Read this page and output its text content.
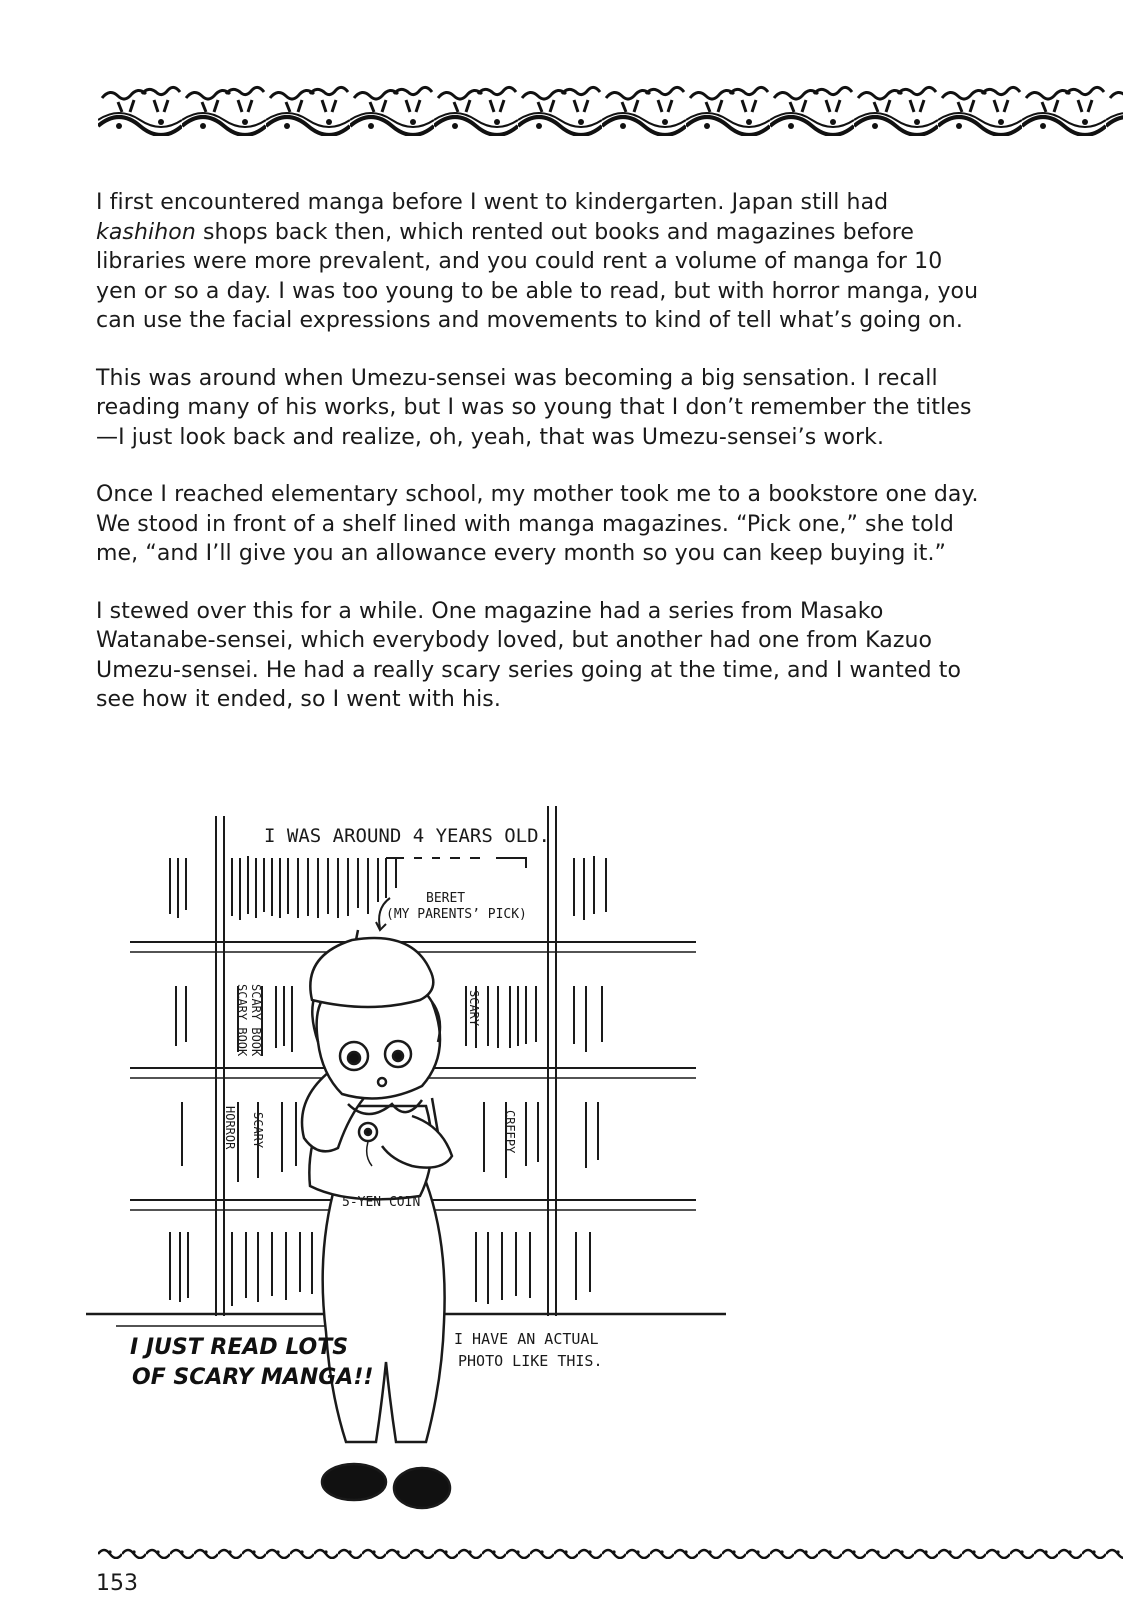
I first encountered manga before I went to kindergarten. Japan still had kashihon shops back then, which rented out books and magazines before libraries were more prevalent, and you could rent a volume of manga for 10 yen or so a day. I was too young to be able to read, but with horror manga, you can use the facial expressions and movements to kind of tell what’s going on.

This was around when Umezu-sensei was becoming a big sensation. I recall reading many of his works, but I was so young that I don’t remember the titles—I just look back and realize, oh, yeah, that was Umezu-sensei’s work.

Once I reached elementary school, my mother took me to a bookstore one day. We stood in front of a shelf lined with manga magazines. “Pick one,” she told me, “and I’ll give you an allowance every month so you can keep buying it.”

I stewed over this for a while. One magazine had a series from Masako Watanabe-sensei, which everybody loved, but another had one from Kazuo Umezu-sensei. He had a really scary series going at the time, and I wanted to see how it ended, so I went with his.

I WAS AROUND 4 YEARS OLD.
BERET
(MY PARENTS’ PICK)
SCARY BOOK
SCARY BOOK	SCARY
HORROR SCARY	CREEPY
5-YEN COIN
I JUST READ LOTS
OF SCARY MANGA!!
I HAVE AN ACTUAL
PHOTO LIKE THIS.
153
